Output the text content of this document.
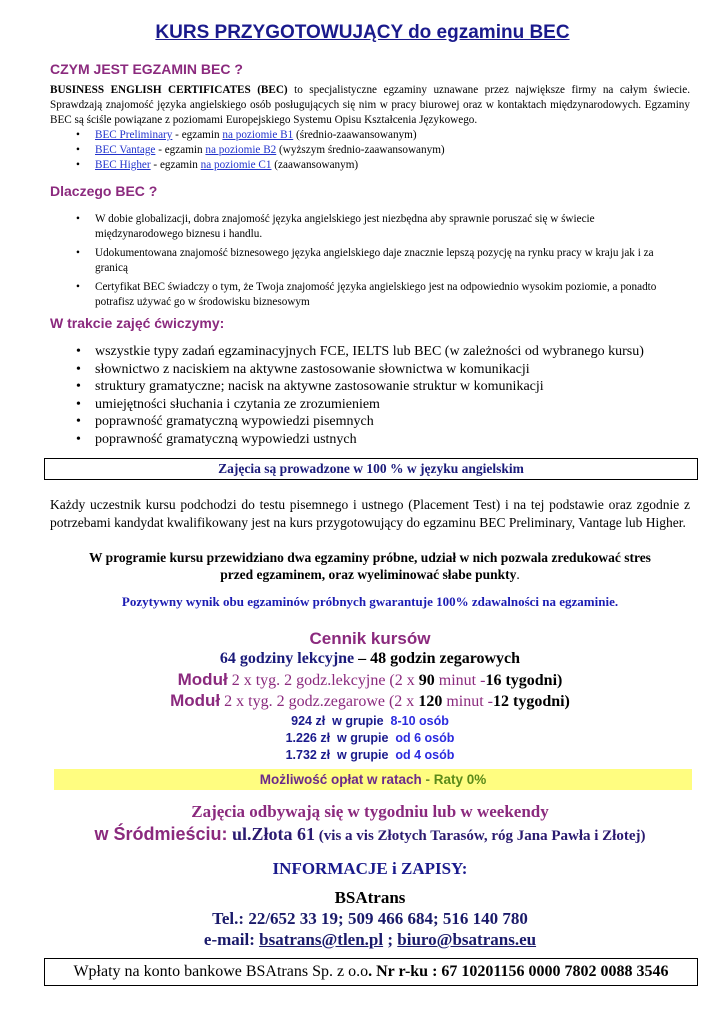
KURS PRZYGOTOWUJĄCY do egzaminu BEC
CZYM JEST EGZAMIN BEC ?
BUSINESS ENGLISH CERTIFICATES (BEC) to specjalistyczne egzaminy uznawane przez największe firmy na całym świecie. Sprawdzają znajomość języka angielskiego osób posługujących się nim w pracy biurowej oraz w kontaktach międzynarodowych. Egzaminy BEC są ściśle powiązane z poziomami Europejskiego Systemu Opisu Kształcenia Językowego.
• BEC Preliminary - egzamin na poziomie B1 (średnio-zaawansowanym)
• BEC Vantage - egzamin na poziomie B2 (wyższym średnio-zaawansowanym)
• BEC Higher - egzamin na poziomie C1 (zaawansowanym)
Dlaczego BEC ?
• W dobie globalizacji, dobra znajomość języka angielskiego jest niezbędna aby sprawnie poruszać się w świecie międzynarodowego biznesu i handlu.
• Udokumentowana znajomość biznesowego języka angielskiego daje znacznie lepszą pozycję na rynku pracy w kraju jak i za granicą
• Certyfikat BEC świadczy o tym, że Twoja znajomość języka angielskiego jest na odpowiednio wysokim poziomie, a ponadto potrafisz używać go w środowisku biznesowym
W trakcie zajęć ćwiczymy:
• wszystkie typy zadań egzaminacyjnych FCE, IELTS lub BEC (w zależności od wybranego kursu)
• słownictwo z naciskiem na aktywne zastosowanie słownictwa w komunikacji
• struktury gramatyczne; nacisk na aktywne zastosowanie struktur w komunikacji
• umiejętności słuchania i czytania ze zrozumieniem
• poprawność gramatyczną wypowiedzi pisemnych
• poprawność gramatyczną wypowiedzi ustnych
Zajęcia są prowadzone w 100 % w języku angielskim
Każdy uczestnik kursu podchodzi do testu pisemnego i ustnego (Placement Test) i na tej podstawie oraz zgodnie z potrzebami kandydat kwalifikowany jest na kurs przygotowujący do egzaminu BEC Preliminary, Vantage lub Higher.
W programie kursu przewidziano dwa egzaminy próbne, udział w nich pozwala zredukować stres
przed egzaminem, oraz wyeliminować słabe punkty.
Pozytywny wynik obu egzaminów próbnych gwarantuje 100% zdawalności na egzaminie.
Cennik kursów
64 godziny lekcyjne – 48 godzin zegarowych
Moduł 2 x tyg. 2 godz.lekcyjne (2 x 90 minut -16 tygodni)
Moduł 2 x tyg. 2 godz.zegarowe (2 x 120 minut -12 tygodni)
924 zł  w grupie  8-10 osób
1.226 zł  w grupie  od 6 osób
1.732 zł  w grupie  od 4 osób
Możliwość opłat w ratach - Raty 0%
Zajęcia odbywają się w tygodniu lub w weekendy
w Śródmieściu: ul.Złota 61 (vis a vis Złotych Tarasów, róg Jana Pawła i Złotej)
INFORMACJE i ZAPISY:
BSAtrans
Tel.: 22/652 33 19; 509 466 684; 516 140 780
e-mail: bsatrans@tlen.pl ; biuro@bsatrans.eu
Wpłaty na konto bankowe BSAtrans Sp. z o.o. Nr r-ku : 67 10201156 0000 7802 0088 3546
